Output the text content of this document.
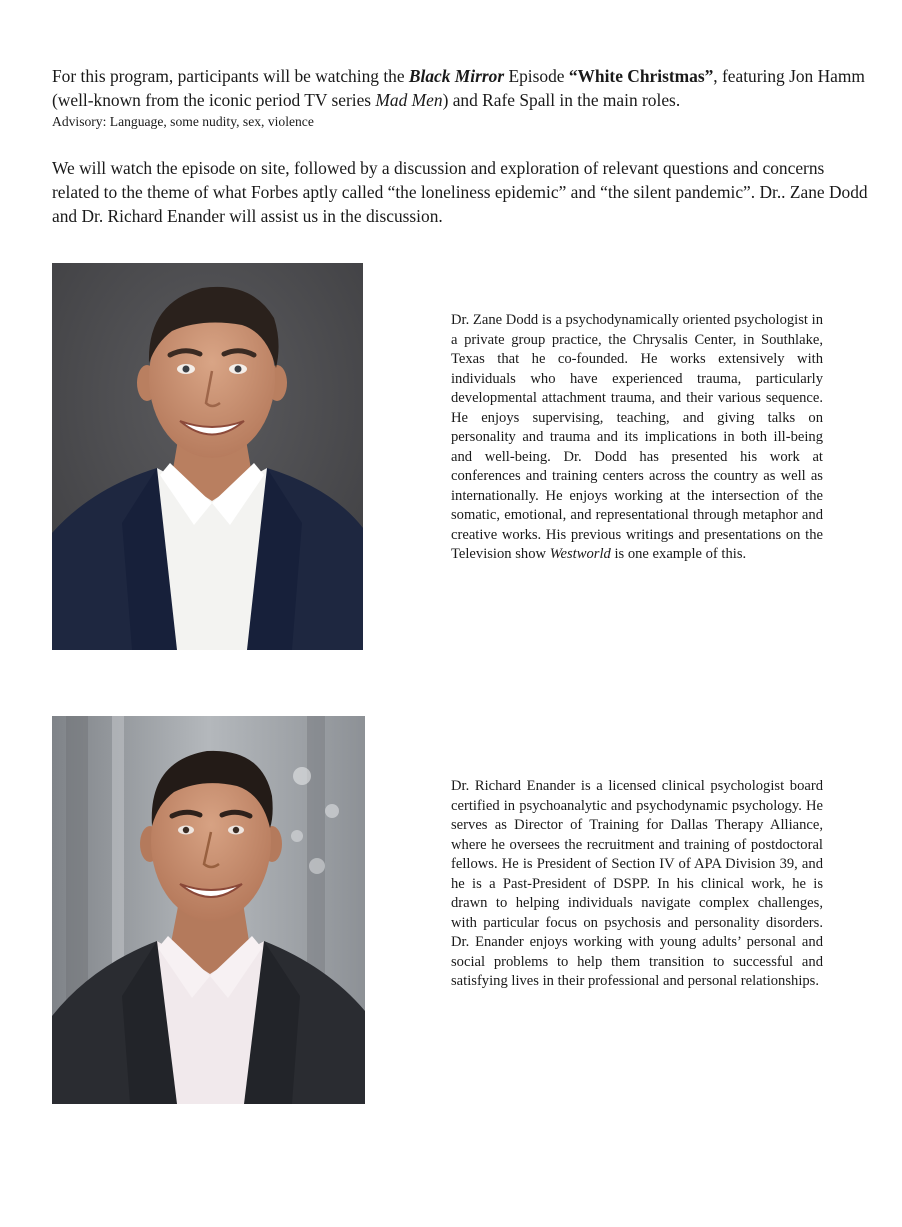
For this program, participants will be watching the Black Mirror Episode “White Christmas”, featuring Jon Hamm (well-known from the iconic period TV series Mad Men) and Rafe Spall in the main roles.

Advisory: Language, some nudity, sex, violence

We will watch the episode on site, followed by a discussion and exploration of relevant questions and concerns related to the theme of what Forbes aptly called “the loneliness epidemic” and “the silent pandemic”. Dr.. Zane Dodd and Dr. Richard Enander will assist us in the discussion.

Dr. Zane Dodd is a psychodynamically oriented psychologist in a private group practice, the Chrysalis Center, in Southlake, Texas that he co-founded. He works extensively with individuals who have experienced trauma, particularly developmental attachment trauma, and their various sequence. He enjoys supervising, teaching, and giving talks on personality and trauma and its implications in both ill-being and well-being. Dr. Dodd has presented his work at conferences and training centers across the country as well as internationally. He enjoys working at the intersection of the somatic, emotional, and representational through metaphor and creative works. His previous writings and presentations on the Television show Westworld is one example of this.

Dr. Richard Enander is a licensed clinical psychologist board certified in psychoanalytic and psychodynamic psychology. He serves as Director of Training for Dallas Therapy Alliance, where he oversees the recruitment and training of postdoctoral fellows. He is President of Section IV of APA Division 39, and he is a Past-President of DSPP. In his clinical work, he is drawn to helping individuals navigate complex challenges, with particular focus on psychosis and personality disorders. Dr. Enander enjoys working with young adults’ personal and social problems to help them transition to successful and satisfying lives in their professional and personal relationships.
